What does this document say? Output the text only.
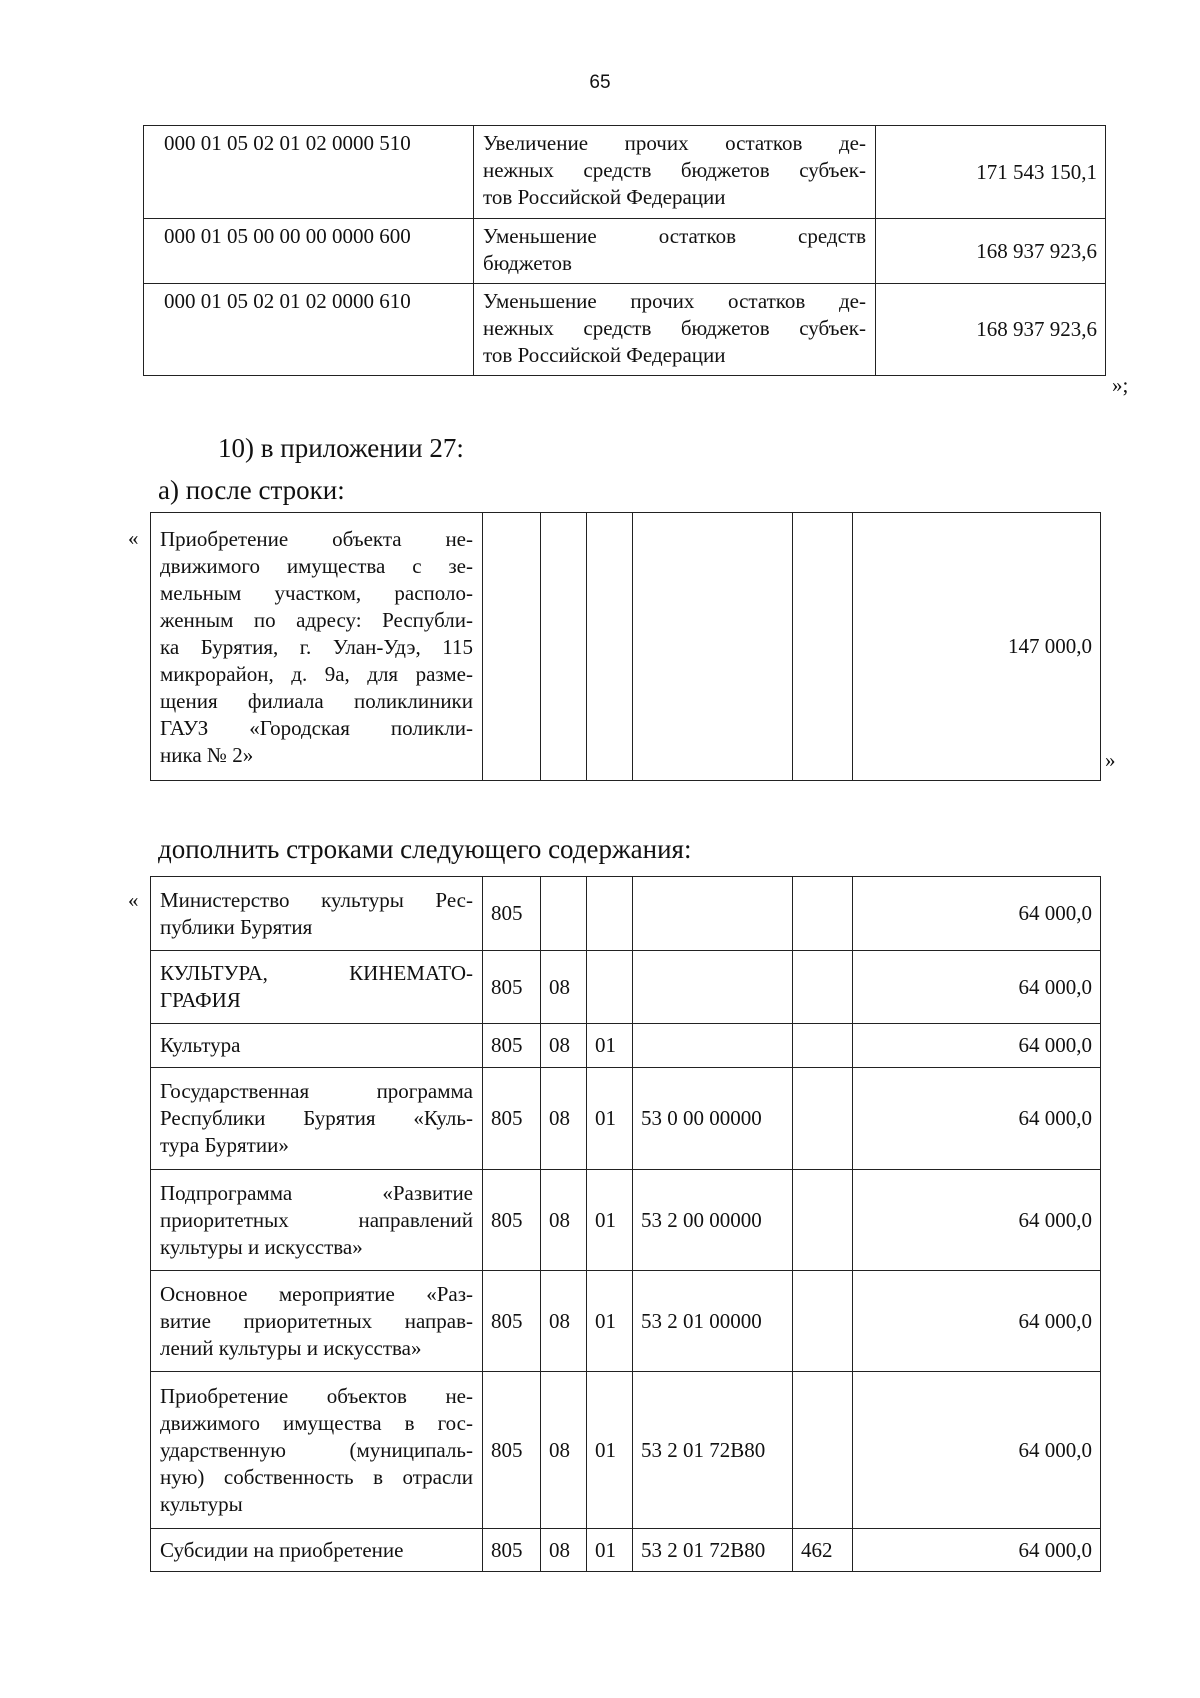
65
000 01 05 02 01 02 0000 510	Увеличение прочих остатков де-
нежных средств бюджетов субъек-
тов Российской Федерации	171 543 150,1
000 01 05 00 00 00 0000 600	Уменьшение остатков средств
бюджетов	168 937 923,6
000 01 05 02 01 02 0000 610	Уменьшение прочих остатков де-
нежных средств бюджетов субъек-
тов Российской Федерации	168 937 923,6
»;
10) в приложении 27:
а) после строки:
« Приобретение объекта не-
движимого имущества с зе-
мельным участком, располо-
женным по адресу: Республи-
ка Бурятия, г. Улан-Удэ, 115
микрорайон, д. 9а, для разме-
щения филиала поликлиники
ГАУЗ «Городская поликли-
ника № 2»
						147 000,0
»
дополнить строками следующего содержания:
« Министерство культуры Рес-
публики Бурятия	805					64 000,0

КУЛЬТУРА, КИНЕМАТО-
ГРАФИЯ	805	08				64 000,0

Культура	805	08	01			64 000,0

Государственная программа
Республики Бурятия «Куль-
тура Бурятии»	805	08	01	53 0 00 00000		64 000,0

Подпрограмма «Развитие
приоритетных направлений
культуры и искусства»	805	08	01	53 2 00 00000		64 000,0

Основное мероприятие «Раз-
витие приоритетных направ-
лений культуры и искусства»	805	08	01	53 2 01 00000		64 000,0

Приобретение объектов не-
движимого имущества в гос-
ударственную (муниципаль-
ную) собственность в отрасли
культуры	805	08	01	53 2 01 72В80		64 000,0

Субсидии на приобретение	805	08	01	53 2 01 72В80	462	64 000,0
